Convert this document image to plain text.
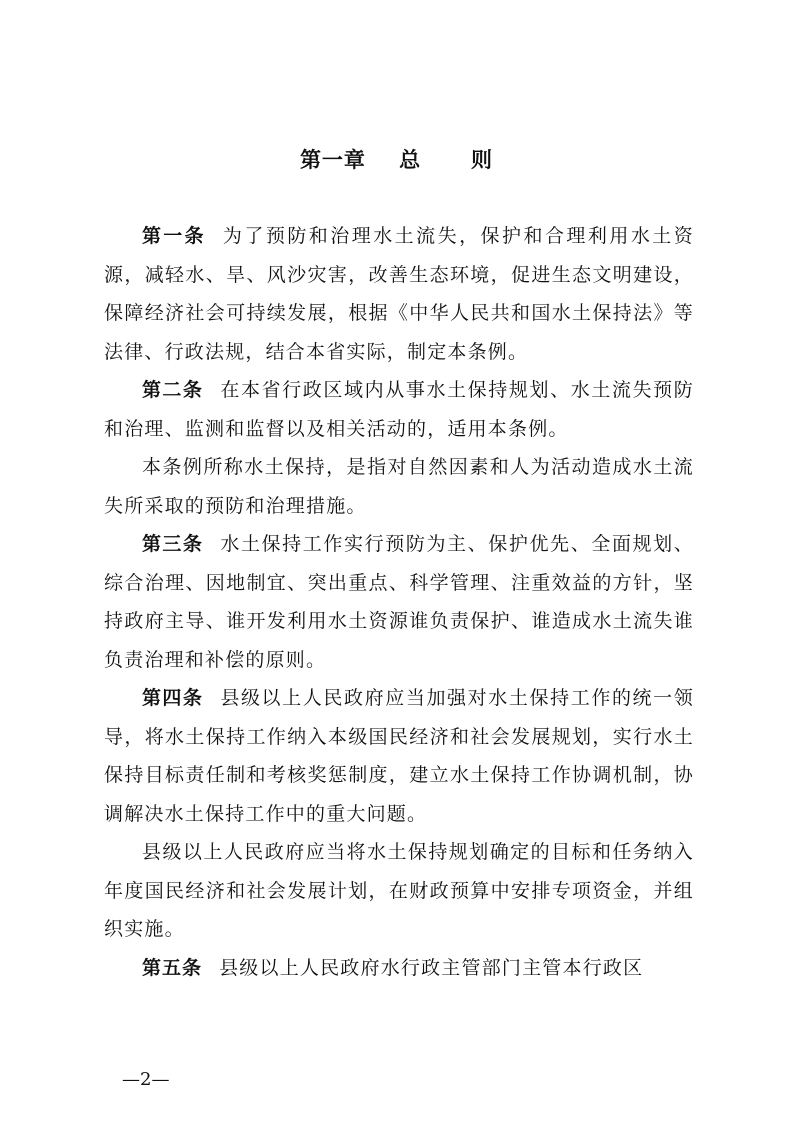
第一章    总      则

第一条 为了预防和治理水土流失，保护和合理利用水土资源，减轻水、旱、风沙灾害，改善生态环境，促进生态文明建设，保障经济社会可持续发展，根据《中华人民共和国水土保持法》等法律、行政法规，结合本省实际，制定本条例。

第二条 在本省行政区域内从事水土保持规划、水土流失预防和治理、监测和监督以及相关活动的，适用本条例。

本条例所称水土保持，是指对自然因素和人为活动造成水土流失所采取的预防和治理措施。

第三条 水土保持工作实行预防为主、保护优先、全面规划、综合治理、因地制宜、突出重点、科学管理、注重效益的方针，坚持政府主导、谁开发利用水土资源谁负责保护、谁造成水土流失谁负责治理和补偿的原则。

第四条 县级以上人民政府应当加强对水土保持工作的统一领导，将水土保持工作纳入本级国民经济和社会发展规划，实行水土保持目标责任制和考核奖惩制度，建立水土保持工作协调机制，协调解决水土保持工作中的重大问题。

县级以上人民政府应当将水土保持规划确定的目标和任务纳入年度国民经济和社会发展计划，在财政预算中安排专项资金，并组织实施。

第五条 县级以上人民政府水行政主管部门主管本行政区

—2—
